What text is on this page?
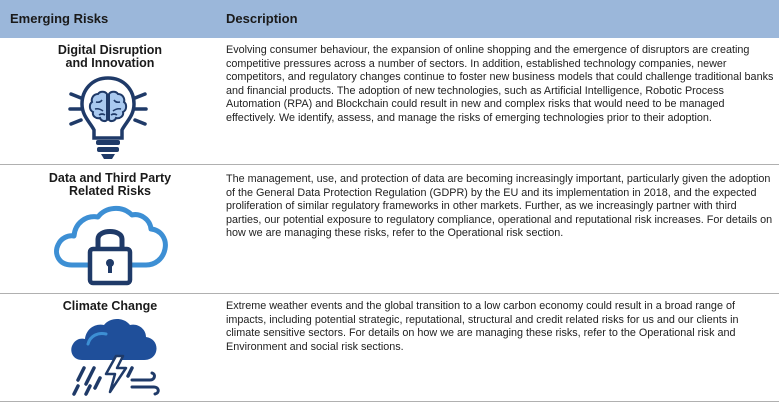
Emerging Risks	Description
Digital Disruption
and Innovation
Evolving consumer behaviour, the expansion of online shopping and the emergence of disruptors are creating competitive pressures across a number of sectors. In addition, established technology companies, newer competitors, and regulatory changes continue to foster new business models that could challenge traditional banks and financial products. The adoption of new technologies, such as Artificial Intelligence, Robotic Process Automation (RPA) and Blockchain could result in new and complex risks that would need to be managed effectively. We identify, assess, and manage the risks of emerging technologies prior to their adoption.
Data and Third Party
Related Risks
The management, use, and protection of data are becoming increasingly important, particularly given the adoption of the General Data Protection Regulation (GDPR) by the EU and its implementation in 2018, and the expected proliferation of similar regulatory frameworks in other markets. Further, as we increasingly partner with third parties, our potential exposure to regulatory compliance, operational and reputational risk increases. For details on how we are managing these risks, refer to the Operational risk section.
Climate Change	Extreme weather events and the global transition to a low carbon economy could result in a broad range of impacts, including potential strategic, reputational, structural and credit related risks for us and our clients in climate sensitive sectors. For details on how we are managing these risks, refer to the Operational risk and Environment and social risk sections.
